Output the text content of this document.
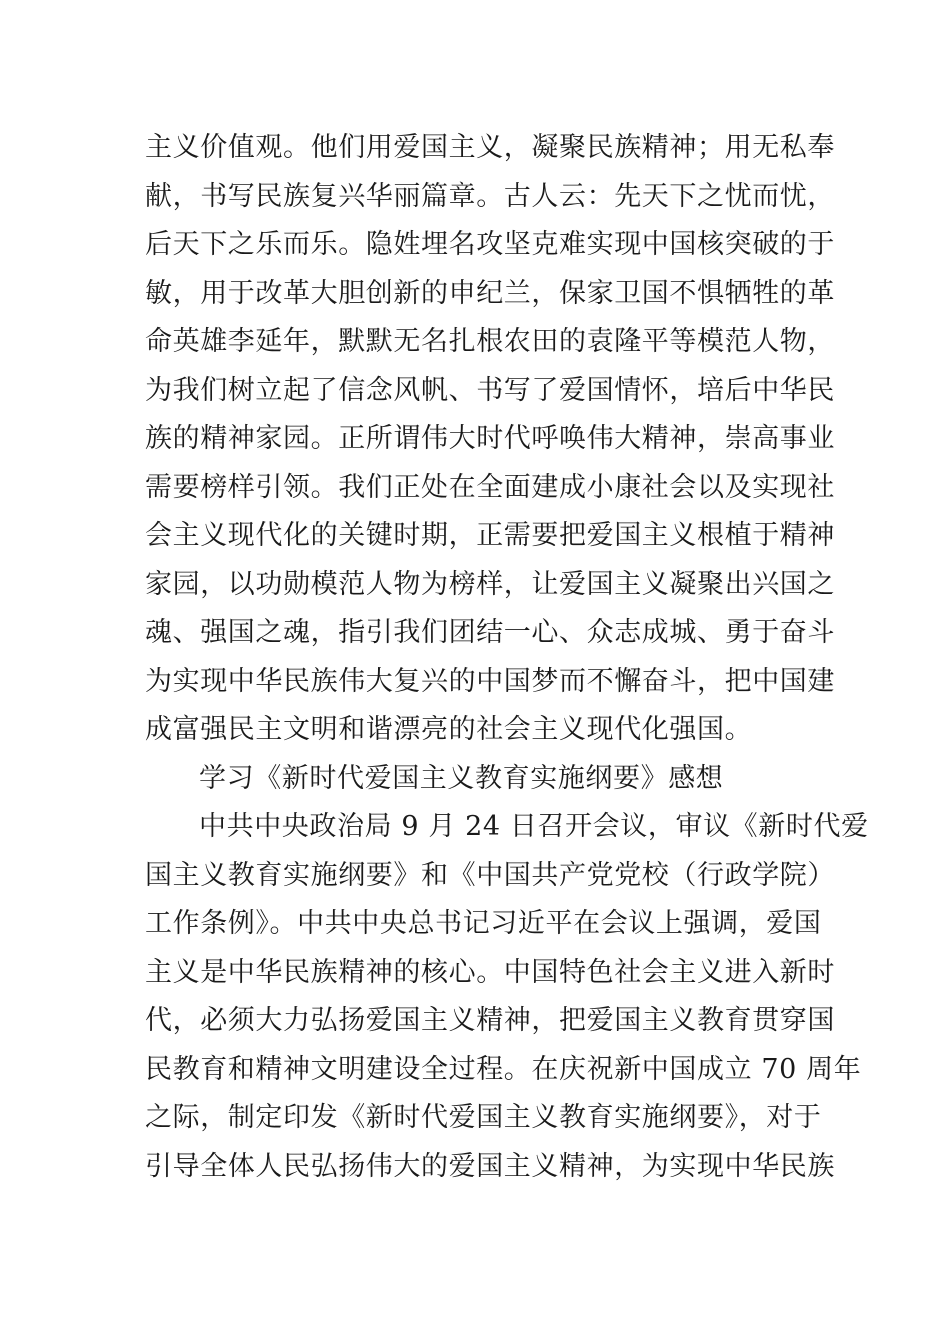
主义价值观。他们用爱国主义，凝聚民族精神；用无私奉
献，书写民族复兴华丽篇章。古人云：先天下之忧而忧，
后天下之乐而乐。隐姓埋名攻坚克难实现中国核突破的于
敏，用于改革大胆创新的申纪兰，保家卫国不惧牺牲的革
命英雄李延年，默默无名扎根农田的袁隆平等模范人物，
为我们树立起了信念风帆、书写了爱国情怀，培后中华民
族的精神家园。正所谓伟大时代呼唤伟大精神，崇高事业
需要榜样引领。我们正处在全面建成小康社会以及实现社
会主义现代化的关键时期，正需要把爱国主义根植于精神
家园，以功勋模范人物为榜样，让爱国主义凝聚出兴国之
魂、强国之魂，指引我们团结一心、众志成城、勇于奋斗
为实现中华民族伟大复兴的中国梦而不懈奋斗，把中国建
成富强民主文明和谐漂亮的社会主义现代化强国。
学习《新时代爱国主义教育实施纲要》感想
中共中央政治局 9 月 24 日召开会议，审议《新时代爱
国主义教育实施纲要》和《中国共产党党校（行政学院）
工作条例》。中共中央总书记习近平在会议上强调，爱国
主义是中华民族精神的核心。中国特色社会主义进入新时
代，必须大力弘扬爱国主义精神，把爱国主义教育贯穿国
民教育和精神文明建设全过程。在庆祝新中国成立 70 周年
之际，制定印发《新时代爱国主义教育实施纲要》，对于
引导全体人民弘扬伟大的爱国主义精神，为实现中华民族
